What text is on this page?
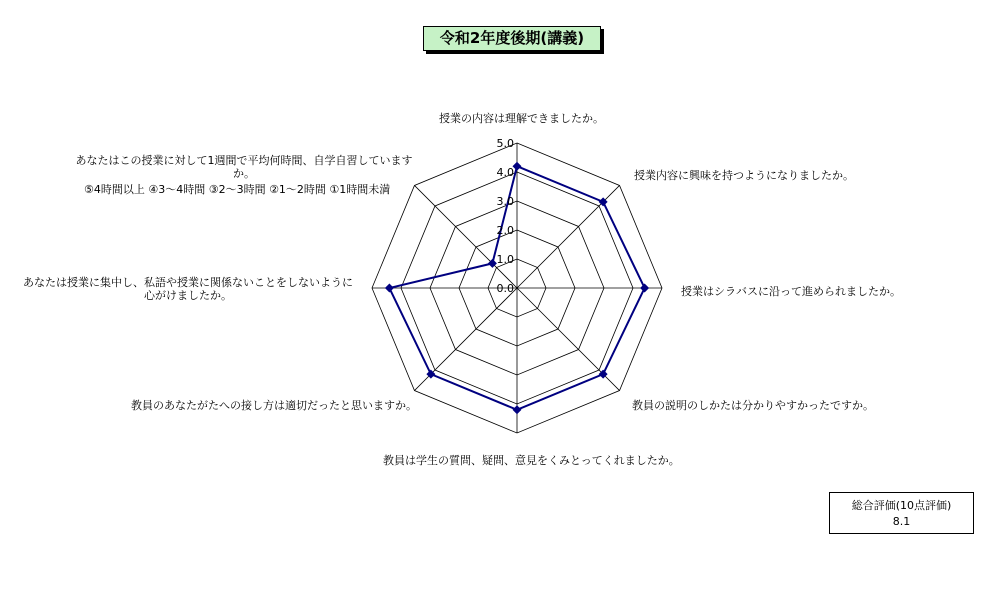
令和2年度後期(講義)
0.0
1.0
2.0
3.0
4.0
5.0
授業の内容は理解できましたか。
授業内容に興味を持つようになりましたか。
授業はシラバスに沿って進められましたか。
教員の説明のしかたは分かりやすかったですか。
教員は学生の質問、疑問、意見をくみとってくれましたか。
教員のあなたがたへの接し方は適切だったと思いますか。
あなたは授業に集中し、私語や授業に関係ないことをしないように心がけましたか。
あなたはこの授業に対して1週間で平均何時間、自学自習していますか。
⑤4時間以上 ④3～4時間 ③2～3時間 ②1～2時間 ①1時間未満
総合評価(10点評価)
8.1
